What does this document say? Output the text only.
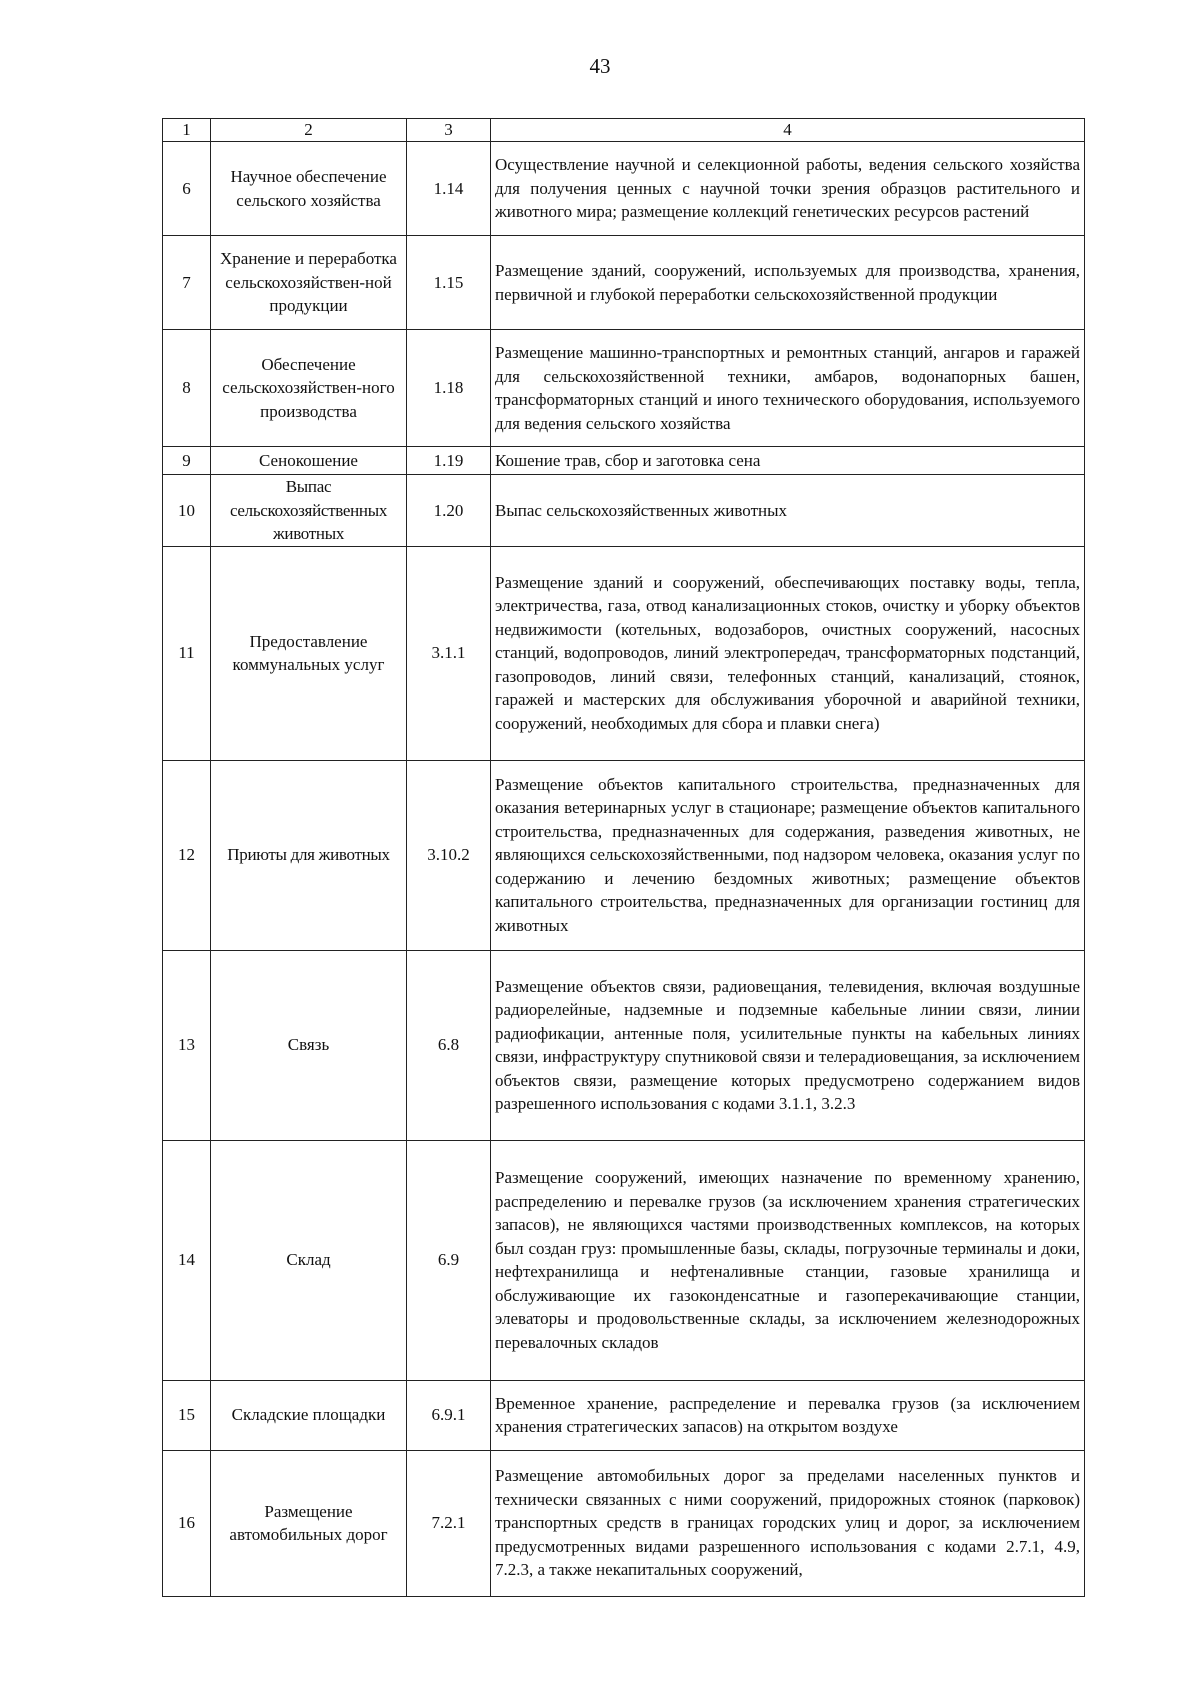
43
1	2	3	4
6	Научное обеспечение сельского хозяйства	1.14	Осуществление научной и селекционной работы, ведения сельского хозяйства для получения ценных с научной точки зрения образцов растительного и животного мира; размещение коллекций генетических ресурсов растений
7	Хранение и переработка сельскохозяйствен-ной продукции	1.15	Размещение зданий, сооружений, используемых для производства, хранения, первичной и глубокой переработки сельскохозяйственной продукции
8	Обеспечение сельскохозяйствен-ного производства	1.18	Размещение машинно-транспортных и ремонтных станций, ангаров и гаражей для сельскохозяйственной техники, амбаров, водонапорных башен, трансформаторных станций и иного технического оборудования, используемого для ведения сельского хозяйства
9	Сенокошение	1.19	Кошение трав, сбор и заготовка сена
10	Выпас сельскохозяйственных животных	1.20	Выпас сельскохозяйственных животных
11	Предоставление коммунальных услуг	3.1.1	Размещение зданий и сооружений, обеспечивающих поставку воды, тепла, электричества, газа, отвод канализационных стоков, очистку и уборку объектов недвижимости (котельных, водозаборов, очистных сооружений, насосных станций, водопроводов, линий электропередач, трансформаторных подстанций, газопроводов, линий связи, телефонных станций, канализаций, стоянок, гаражей и мастерских для обслуживания уборочной и аварийной техники, сооружений, необходимых для сбора и плавки снега)
12	Приюты для животных	3.10.2	Размещение объектов капитального строительства, предназначенных для оказания ветеринарных услуг в стационаре; размещение объектов капитального строительства, предназначенных для содержания, разведения животных, не являющихся сельскохозяйственными, под надзором человека, оказания услуг по содержанию и лечению бездомных животных; размещение объектов капитального строительства, предназначенных для организации гостиниц для животных
13	Связь	6.8	Размещение объектов связи, радиовещания, телевидения, включая воздушные радиорелейные, надземные и подземные кабельные линии связи, линии радиофикации, антенные поля, усилительные пункты на кабельных линиях связи, инфраструктуру спутниковой связи и телерадиовещания, за исключением объектов связи, размещение которых предусмотрено содержанием видов разрешенного использования с кодами 3.1.1, 3.2.3
14	Склад	6.9	Размещение сооружений, имеющих назначение по временному хранению, распределению и перевалке грузов (за исключением хранения стратегических запасов), не являющихся частями производственных комплексов, на которых был создан груз: промышленные базы, склады, погрузочные терминалы и доки, нефтехранилища и нефтеналивные станции, газовые хранилища и обслуживающие их газоконденсатные и газоперекачивающие станции, элеваторы и продовольственные склады, за исключением железнодорожных перевалочных складов
15	Складские площадки	6.9.1	Временное хранение, распределение и перевалка грузов (за исключением хранения стратегических запасов) на открытом воздухе
16	Размещение автомобильных дорог	7.2.1	Размещение автомобильных дорог за пределами населенных пунктов и технически связанных с ними сооружений, придорожных стоянок (парковок) транспортных средств в границах городских улиц и дорог, за исключением предусмотренных видами разрешенного использования с кодами 2.7.1, 4.9, 7.2.3, а также некапитальных сооружений,
